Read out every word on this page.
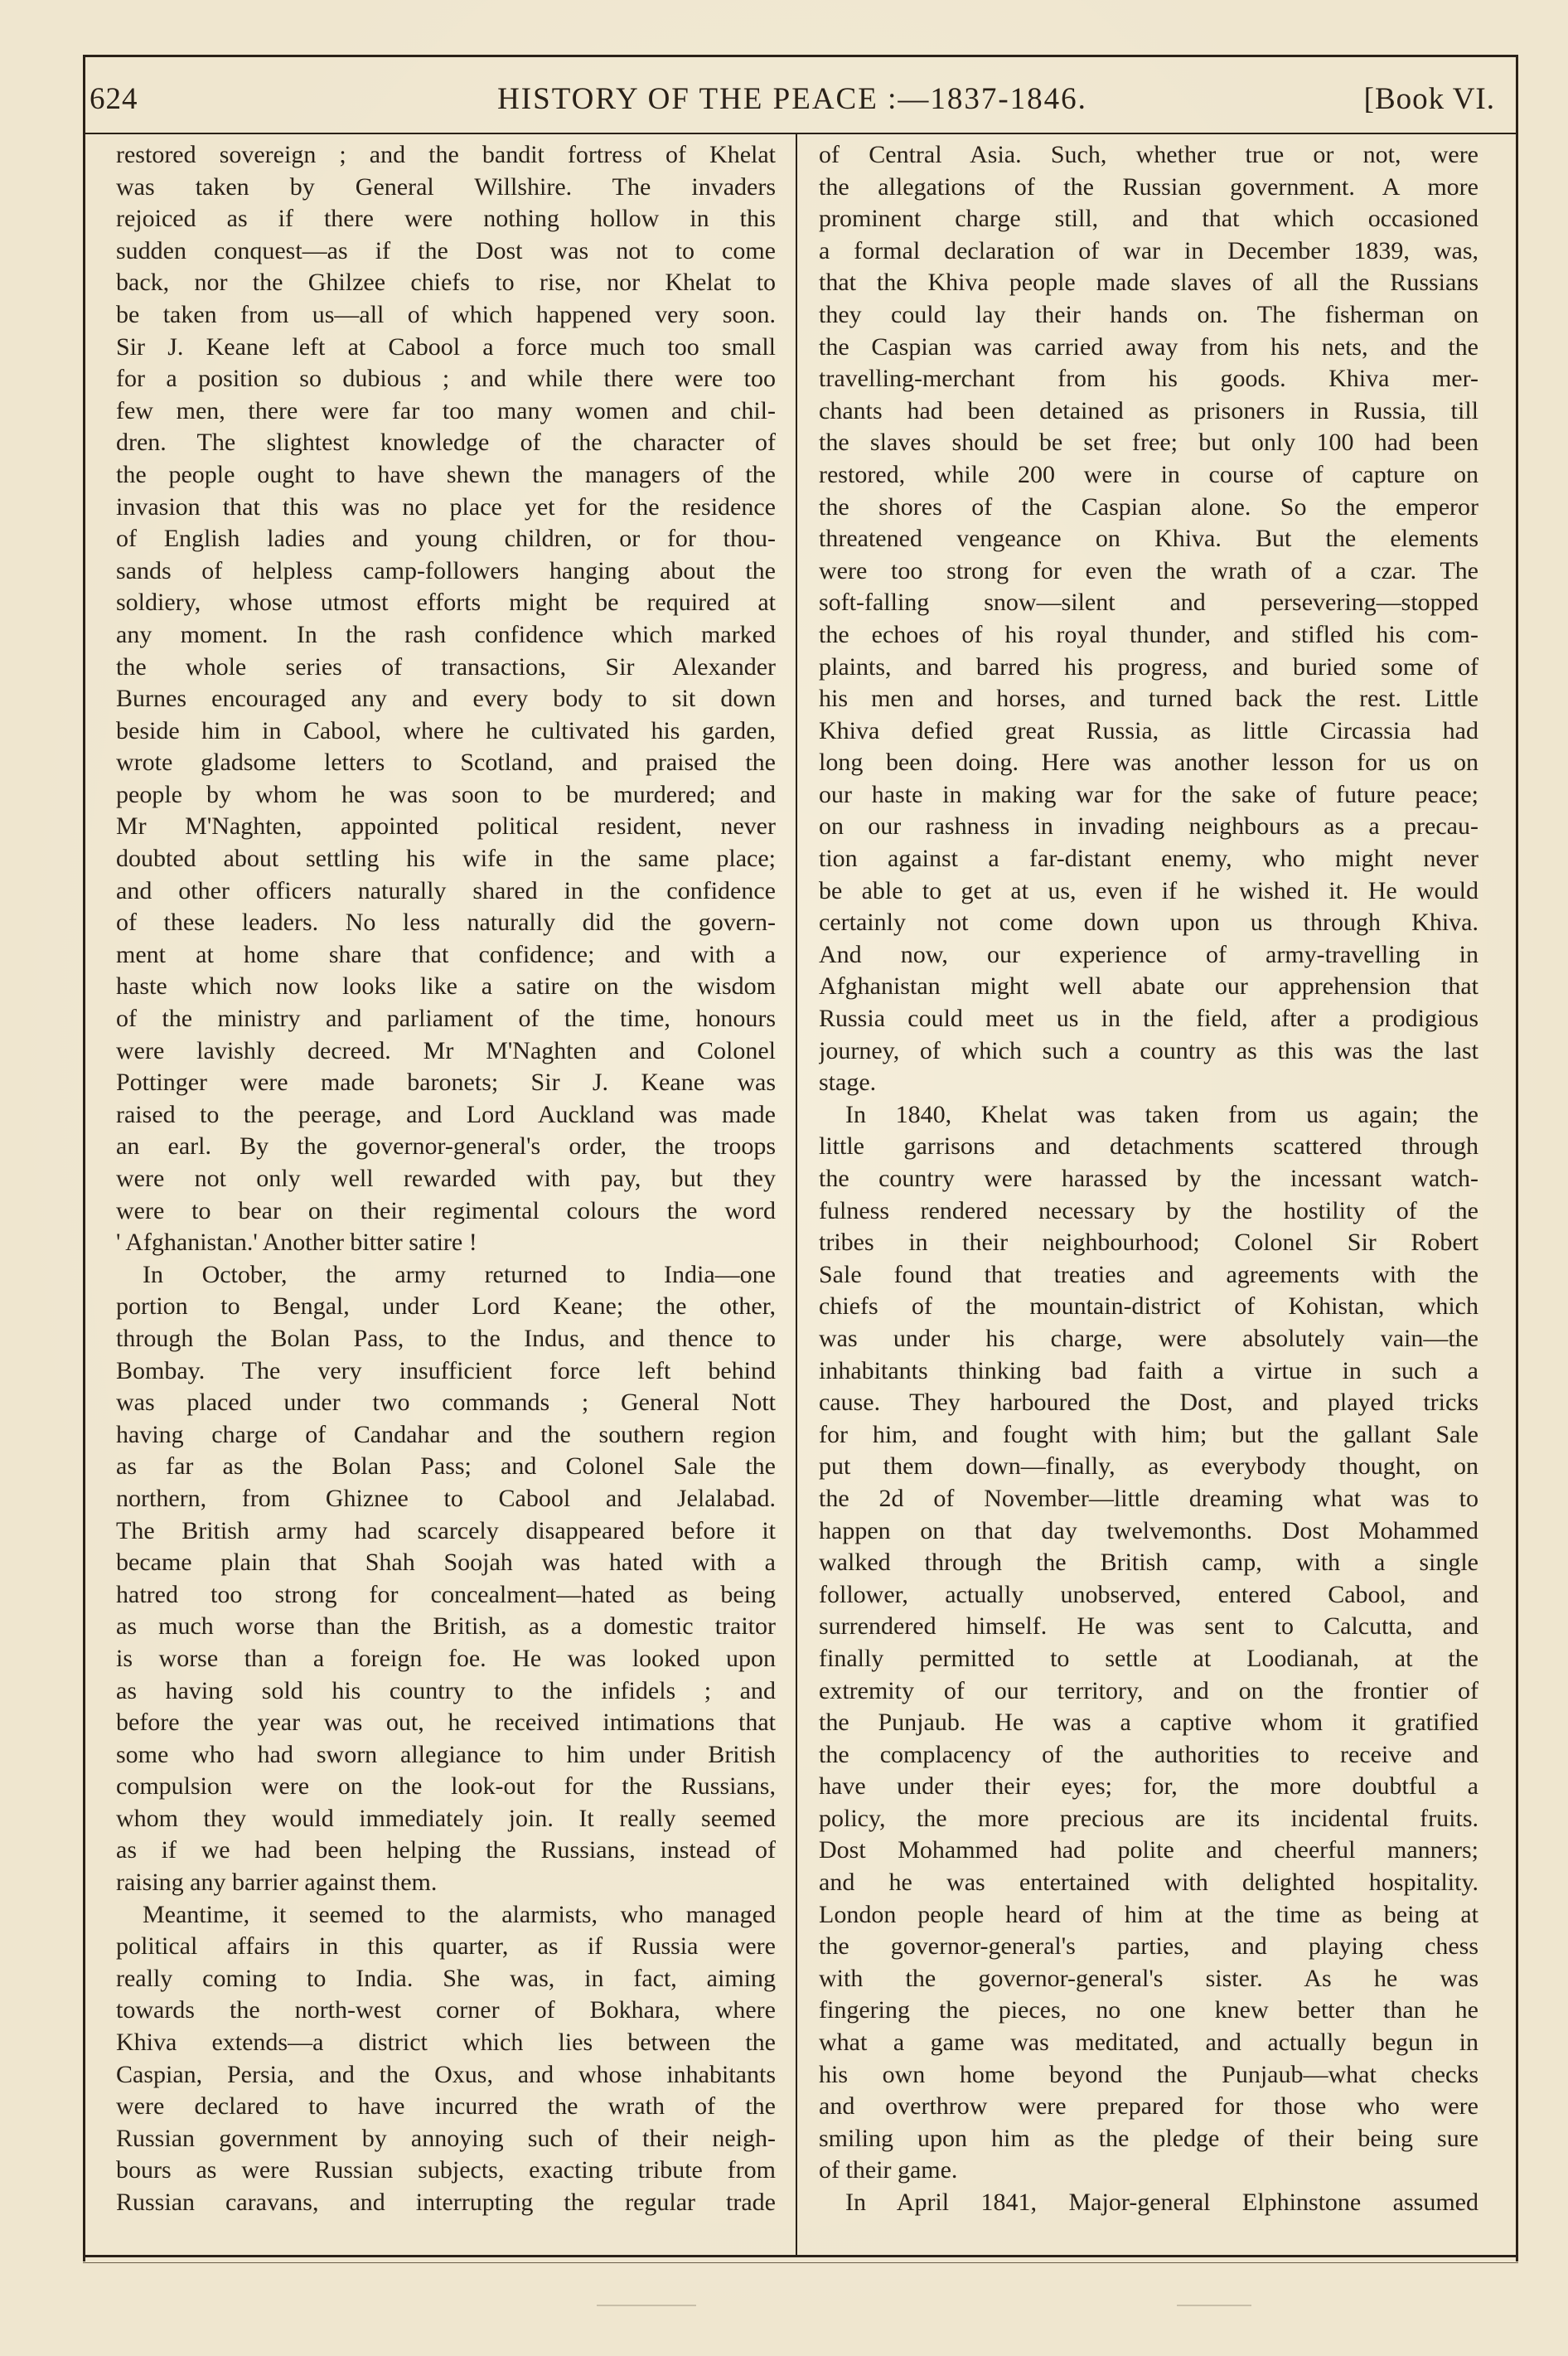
624	HISTORY OF THE PEACE :—1837-1846.	[Book VI.
restored sovereign ; and the bandit fortress of Khelat
was taken by General Willshire. The invaders
rejoiced as if there were nothing hollow in this
sudden conquest—as if the Dost was not to come
back, nor the Ghilzee chiefs to rise, nor Khelat to
be taken from us—all of which happened very soon.
Sir J. Keane left at Cabool a force much too small
for a position so dubious ; and while there were too
few men, there were far too many women and chil-
dren. The slightest knowledge of the character of
the people ought to have shewn the managers of the
invasion that this was no place yet for the residence
of English ladies and young children, or for thou-
sands of helpless camp-followers hanging about the
soldiery, whose utmost efforts might be required at
any moment. In the rash confidence which marked
the whole series of transactions, Sir Alexander
Burnes encouraged any and every body to sit down
beside him in Cabool, where he cultivated his garden,
wrote gladsome letters to Scotland, and praised the
people by whom he was soon to be murdered; and
Mr M'Naghten, appointed political resident, never
doubted about settling his wife in the same place;
and other officers naturally shared in the confidence
of these leaders. No less naturally did the govern-
ment at home share that confidence; and with a
haste which now looks like a satire on the wisdom
of the ministry and parliament of the time, honours
were lavishly decreed. Mr M'Naghten and Colonel
Pottinger were made baronets; Sir J. Keane was
raised to the peerage, and Lord Auckland was made
an earl. By the governor-general's order, the troops
were not only well rewarded with pay, but they
were to bear on their regimental colours the word
' Afghanistan.' Another bitter satire !
In October, the army returned to India—one
portion to Bengal, under Lord Keane; the other,
through the Bolan Pass, to the Indus, and thence to
Bombay. The very insufficient force left behind
was placed under two commands ; General Nott
having charge of Candahar and the southern region
as far as the Bolan Pass; and Colonel Sale the
northern, from Ghiznee to Cabool and Jelalabad.
The British army had scarcely disappeared before it
became plain that Shah Soojah was hated with a
hatred too strong for concealment—hated as being
as much worse than the British, as a domestic traitor
is worse than a foreign foe. He was looked upon
as having sold his country to the infidels ; and
before the year was out, he received intimations that
some who had sworn allegiance to him under British
compulsion were on the look-out for the Russians,
whom they would immediately join. It really seemed
as if we had been helping the Russians, instead of
raising any barrier against them.
Meantime, it seemed to the alarmists, who managed
political affairs in this quarter, as if Russia were
really coming to India. She was, in fact, aiming
towards the north-west corner of Bokhara, where
Khiva extends—a district which lies between the
Caspian, Persia, and the Oxus, and whose inhabitants
were declared to have incurred the wrath of the
Russian government by annoying such of their neigh-
bours as were Russian subjects, exacting tribute from
Russian caravans, and interrupting the regular trade
of Central Asia. Such, whether true or not, were
the allegations of the Russian government. A more
prominent charge still, and that which occasioned
a formal declaration of war in December 1839, was,
that the Khiva people made slaves of all the Russians
they could lay their hands on. The fisherman on
the Caspian was carried away from his nets, and the
travelling-merchant from his goods. Khiva mer-
chants had been detained as prisoners in Russia, till
the slaves should be set free; but only 100 had been
restored, while 200 were in course of capture on
the shores of the Caspian alone. So the emperor
threatened vengeance on Khiva. But the elements
were too strong for even the wrath of a czar. The
soft-falling snow—silent and persevering—stopped
the echoes of his royal thunder, and stifled his com-
plaints, and barred his progress, and buried some of
his men and horses, and turned back the rest. Little
Khiva defied great Russia, as little Circassia had
long been doing. Here was another lesson for us on
our haste in making war for the sake of future peace;
on our rashness in invading neighbours as a precau-
tion against a far-distant enemy, who might never
be able to get at us, even if he wished it. He would
certainly not come down upon us through Khiva.
And now, our experience of army-travelling in
Afghanistan might well abate our apprehension that
Russia could meet us in the field, after a prodigious
journey, of which such a country as this was the last
stage.
In 1840, Khelat was taken from us again; the
little garrisons and detachments scattered through
the country were harassed by the incessant watch-
fulness rendered necessary by the hostility of the
tribes in their neighbourhood; Colonel Sir Robert
Sale found that treaties and agreements with the
chiefs of the mountain-district of Kohistan, which
was under his charge, were absolutely vain—the
inhabitants thinking bad faith a virtue in such a
cause. They harboured the Dost, and played tricks
for him, and fought with him; but the gallant Sale
put them down—finally, as everybody thought, on
the 2d of November—little dreaming what was to
happen on that day twelvemonths. Dost Mohammed
walked through the British camp, with a single
follower, actually unobserved, entered Cabool, and
surrendered himself. He was sent to Calcutta, and
finally permitted to settle at Loodianah, at the
extremity of our territory, and on the frontier of
the Punjaub. He was a captive whom it gratified
the complacency of the authorities to receive and
have under their eyes; for, the more doubtful a
policy, the more precious are its incidental fruits.
Dost Mohammed had polite and cheerful manners;
and he was entertained with delighted hospitality.
London people heard of him at the time as being at
the governor-general's parties, and playing chess
with the governor-general's sister. As he was
fingering the pieces, no one knew better than he
what a game was meditated, and actually begun in
his own home beyond the Punjaub—what checks
and overthrow were prepared for those who were
smiling upon him as the pledge of their being sure
of their game.
In April 1841, Major-general Elphinstone assumed
